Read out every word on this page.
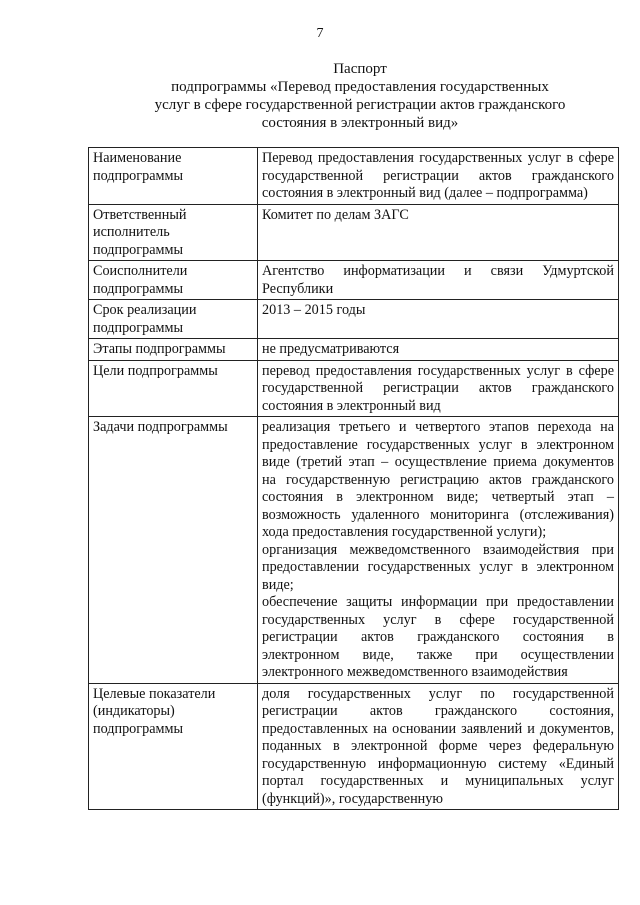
7
Паспорт
подпрограммы «Перевод предоставления государственных
услуг в сфере государственной регистрации актов гражданского
состояния в электронный вид»
Наименование подпрограммы	Перевод предоставления государственных услуг в сфере государственной регистрации актов гражданского состояния в электронный вид (далее – подпрограмма)

Ответственный исполнитель подпрограммы	Комитет по делам ЗАГС

Соисполнители подпрограммы	Агентство информатизации и связи Удмуртской Республики

Срок реализации подпрограммы	2013 – 2015 годы

Этапы подпрограммы	не предусматриваются

Цели подпрограммы	перевод предоставления государственных услуг в сфере государственной регистрации актов гражданского состояния в электронный вид

Задачи подпрограммы	реализация третьего и четвертого этапов перехода на предоставление государственных услуг в электронном виде (третий этап – осуществление приема документов на государственную регистрацию актов гражданского состояния в электронном виде; четвертый этап – возможность удаленного мониторинга (отслеживания) хода предоставления государственной услуги);
организация межведомственного взаимодействия при предоставлении государственных услуг в электронном виде;
обеспечение защиты информации при предоставлении государственных услуг в сфере государственной регистрации актов гражданского состояния в электронном виде, также при осуществлении электронного межведомственного взаимодействия

Целевые показатели (индикаторы) подпрограммы	доля государственных услуг по государственной регистрации актов гражданского состояния, предоставленных на основании заявлений и документов, поданных в электронной форме через федеральную государственную информационную систему «Единый портал государственных и муниципальных услуг (функций)», государственную
